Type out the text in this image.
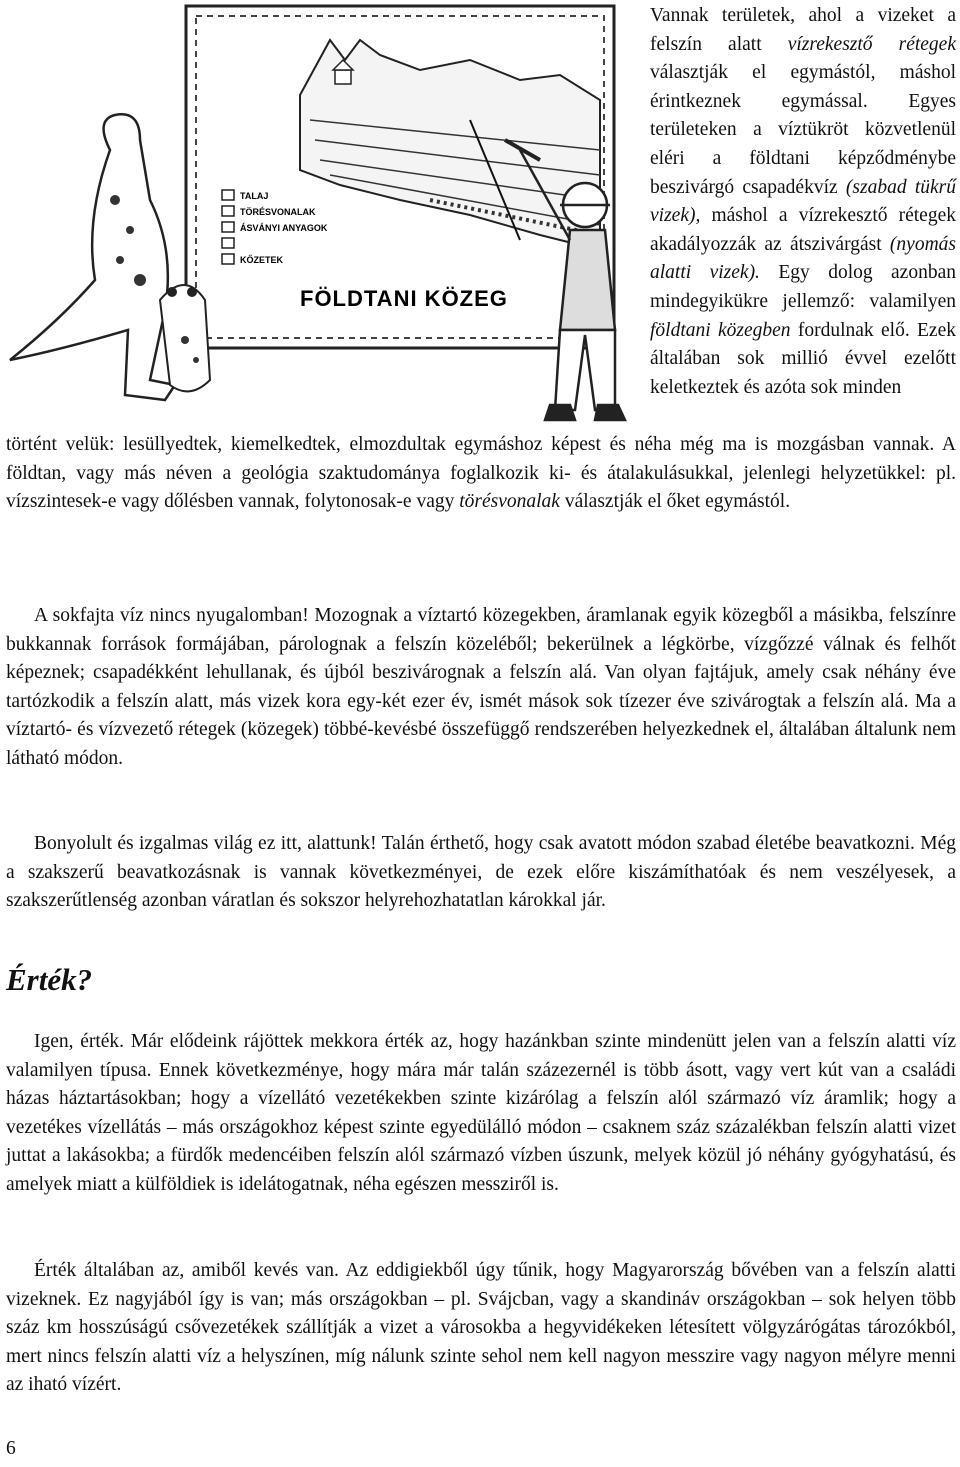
TALAJ
TÖRÉSVONALAK
ÁSVÁNYI ANYAGOK
KŐZETEK
FÖLDTANI KÖZEG

Vannak területek, ahol a vizeket a felszín alatt vízrekesztő rétegek választják el egymástól, máshol érintkeznek egymással. Egyes területeken a víztükröt közvetlenül eléri a földtani képződménybe beszivárgó csapadékvíz (szabad tükrű vizek), máshol a vízrekesztő rétegek akadályozzák az átszivárgást (nyomás alatti vizek). Egy dolog azonban mindegyikükre jellemző: valamilyen földtani közegben fordulnak elő. Ezek általában sok millió évvel ezelőtt keletkeztek és azóta sok minden

történt velük: lesüllyedtek, kiemelkedtek, elmozdultak egymáshoz képest és néha még ma is mozgásban vannak. A földtan, vagy más néven a geológia szaktudománya foglalkozik ki- és átalakulásukkal, jelenlegi helyzetükkel: pl. vízszintesek-e vagy dőlésben vannak, folytonosak-e vagy törésvonalak választják el őket egymástól.

A sokfajta víz nincs nyugalomban! Mozognak a víztartó közegekben, áramlanak egyik közegből a másikba, felszínre bukkannak források formájában, párolognak a felszín közeléből; bekerülnek a légkörbe, vízgőzzé válnak és felhőt képeznek; csapadékként lehullanak, és újból beszivárognak a felszín alá. Van olyan fajtájuk, amely csak néhány éve tartózkodik a felszín alatt, más vizek kora egy-két ezer év, ismét mások sok tízezer éve szivárogtak a felszín alá. Ma a víztartó- és vízvezető rétegek (közegek) többé-kevésbé összefüggő rendszerében helyezkednek el, általában általunk nem látható módon.

Bonyolult és izgalmas világ ez itt, alattunk! Talán érthető, hogy csak avatott módon szabad életébe beavatkozni. Még a szakszerű beavatkozásnak is vannak következményei, de ezek előre kiszámíthatóak és nem veszélyesek, a szakszerűtlenség azonban váratlan és sokszor helyrehozhatatlan károkkal jár.

Érték?

Igen, érték. Már elődeink rájöttek mekkora érték az, hogy hazánkban szinte mindenütt jelen van a felszín alatti víz valamilyen típusa. Ennek következménye, hogy mára már talán százezernél is több ásott, vagy vert kút van a családi házas háztartásokban; hogy a vízellátó vezetékekben szinte kizárólag a felszín alól származó víz áramlik; hogy a vezetékes vízellátás – más országokhoz képest szinte egyedülálló módon – csaknem száz százalékban felszín alatti vizet juttat a lakásokba; a fürdők medencéiben felszín alól származó vízben úszunk, melyek közül jó néhány gyógyhatású, és amelyek miatt a külföldiek is idelátogatnak, néha egészen messziről is.

Érték általában az, amiből kevés van. Az eddigiekből úgy tűnik, hogy Magyarország bővében van a felszín alatti vizeknek. Ez nagyjából így is van; más országokban – pl. Svájcban, vagy a skandináv országokban – sok helyen több száz km hosszúságú csővezetékek szállítják a vizet a városokba a hegyvidékeken létesített völgyzárógátas tározókból, mert nincs felszín alatti víz a helyszínen, míg nálunk szinte sehol nem kell nagyon messzire vagy nagyon mélyre menni az iható vízért.

6
